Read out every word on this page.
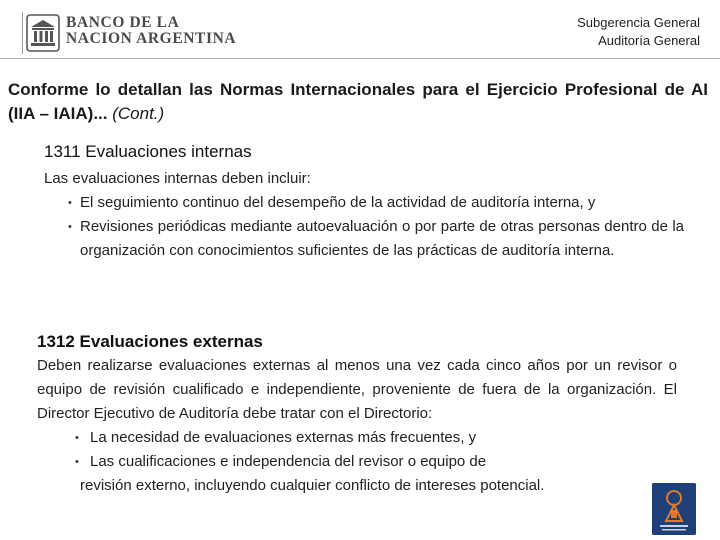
BANCO DE LA
NACION ARGENTINA
Subgerencia General
Auditoría General
Conforme lo detallan las Normas Internacionales para el Ejercicio Profesional de AI (IIA – IAIA)... (Cont.)
1311 Evaluaciones internas
Las evaluaciones internas deben incluir:
• El seguimiento continuo del desempeño de la actividad de auditoría interna, y
• Revisiones periódicas mediante autoevaluación o por parte de otras personas dentro de la organización con conocimientos suficientes de las prácticas de auditoría interna.
1312 Evaluaciones externas
Deben realizarse evaluaciones externas al menos una vez cada cinco años por un revisor o equipo de revisión cualificado e independiente, proveniente de fuera de la organización. El Director Ejecutivo de Auditoría debe tratar con el Directorio:
• La necesidad de evaluaciones externas más frecuentes, y
• Las cualificaciones e independencia del revisor o equipo de
revisión externo, incluyendo cualquier conflicto de intereses potencial.
